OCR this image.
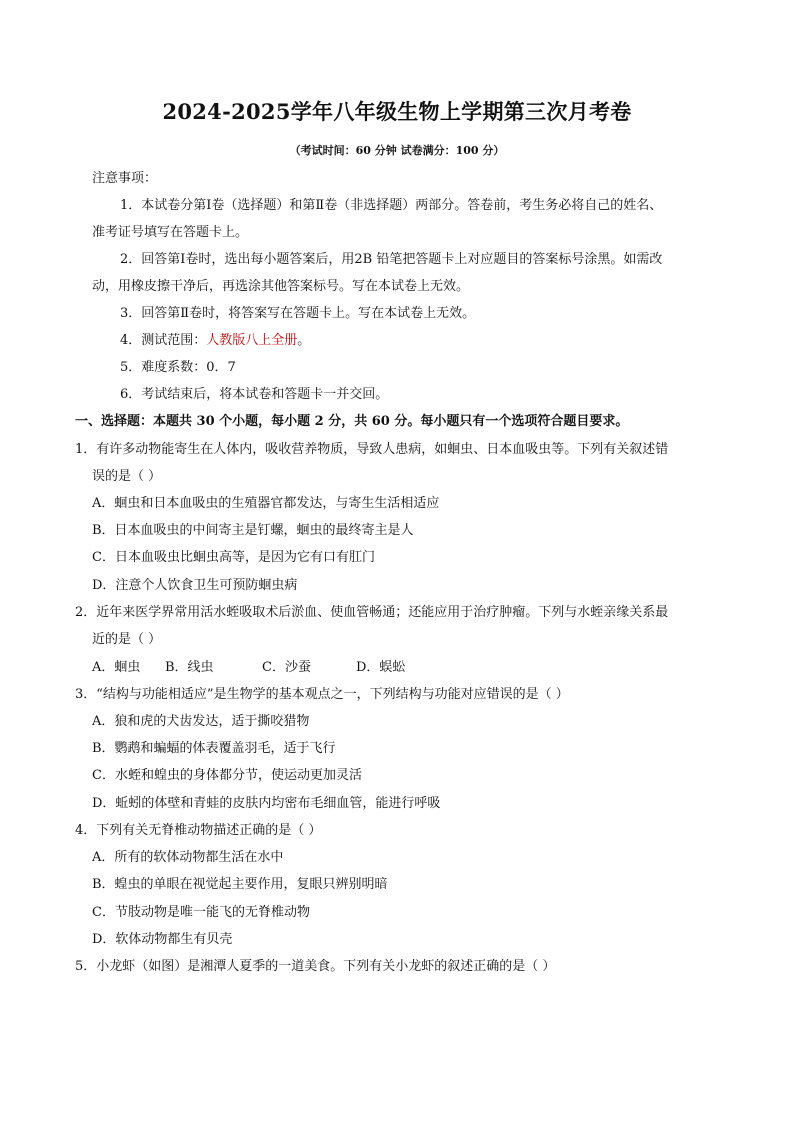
2024-2025学年八年级生物上学期第三次月考卷
（考试时间：60 分钟 试卷满分：100 分）
注意事项：
1．本试卷分第Ⅰ卷（选择题）和第Ⅱ卷（非选择题）两部分。答卷前，考生务必将自己的姓名、
准考证号填写在答题卡上。
2．回答第Ⅰ卷时，选出每小题答案后，用2B 铅笔把答题卡上对应题目的答案标号涂黑。如需改
动，用橡皮擦干净后，再选涂其他答案标号。写在本试卷上无效。
3．回答第Ⅱ卷时，将答案写在答题卡上。写在本试卷上无效。
4．测试范围：人教版八上全册。
5．难度系数：0．7
6．考试结束后，将本试卷和答题卡一并交回。
一、选择题：本题共 30 个小题，每小题 2 分，共 60 分。每小题只有一个选项符合题目要求。
1．有许多动物能寄生在人体内，吸收营养物质，导致人患病，如蛔虫、日本血吸虫等。下列有关叙述错
误的是（ ）
A．蛔虫和日本血吸虫的生殖器官都发达，与寄生生活相适应
B．日本血吸虫的中间寄主是钉螺，蛔虫的最终寄主是人
C．日本血吸虫比蛔虫高等，是因为它有口有肛门
D．注意个人饮食卫生可预防蛔虫病
2．近年来医学界常用活水蛭吸取术后淤血、使血管畅通；还能应用于治疗肿瘤。下列与水蛭亲缘关系最
近的是（ ）
A．蛔虫 B．线虫	C．沙蚕	D．蜈蚣
3．“结构与功能相适应”是生物学的基本观点之一，下列结构与功能对应错误的是（ ）
A．狼和虎的犬齿发达，适于撕咬猎物
B．鹦鹉和蝙蝠的体表覆盖羽毛，适于飞行
C．水蛭和蝗虫的身体都分节，使运动更加灵活
D．蚯蚓的体壁和青蛙的皮肤内均密布毛细血管，能进行呼吸
4．下列有关无脊椎动物描述正确的是（ ）
A．所有的软体动物都生活在水中
B．蝗虫的单眼在视觉起主要作用，复眼只辨别明暗
C．节肢动物是唯一能飞的无脊椎动物
D．软体动物都生有贝壳
5．小龙虾（如图）是湘潭人夏季的一道美食。下列有关小龙虾的叙述正确的是（ ）
